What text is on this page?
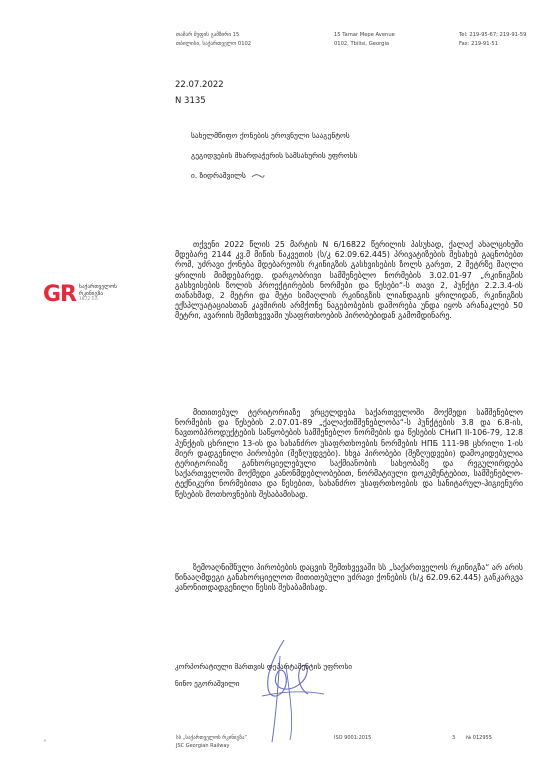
თამარ მეფის გამზირი 15
თბილისი, საქართველო 0102
15 Tamar Mepe Avenue
0102, Tbilisi, Georgia
Tel: 219-95-67; 219-91-59
Fax: 219-91-51
22.07.2022
N 3135
სახელმწიფო ქონების ეროვნული სააგენტოს
გეგიდვების მხარდაჭერის სამსახურის უფროსს
ი. ზიდრაშვილს
GR საქართველოს
რკინიგზა
1872 წ.ბ.
თქვენი 2022 წლის 25 მარტის N 6/16822 წერილის პასუხად, ქალაქ ახალციხეში მდებარე 2144 კვ.მ მიწის ნაკვეთის (ს/კ 62.09.62.445) პრივატიზების შესახებ გაცნობებთ რომ, უძრავი ქონება მდებარეობს რკინიგზის გასხვისების ზოლს გარეთ, 2 მეტრზე მაღლი ყრილის მიმდებარედ. დარგობრივი სამშენებლო ნორმების 3.02.01-97 „რკინიგზის გასხვისების ზოლის პროექტირების ნორმები და წესები“-ს თავი 2, პუნქტი 2.2.3.4-ის თანახმად, 2 მეტრი და მეტი სიმაღლის რკინიგზის ლიანდაგის ყრილიდან, რკინიგზის ექსპლუატაციასთან კავშირის არმქონე ნაგებობების დაშორება უნდა იყოს არანაკლებ 50 მეტრი, ავარიის შემთხვევაში უსაფრთხოების პირობებიდან გამომდინარე.
მითითებულ ტერიტორიაზე ვრცელდება საქართველოში მოქმედი სამშენებლო ნორმების და წესების 2.07.01-89 „ქალაქთმშენებლობა“-ს პუნქტების 3.8 და 6.8-ის, ნავთობპროდუქტების საწყობების სამშენებლო ნორმების და წესების СНиП II-106-79, 12.8 პუნქტის ცხრილი 13-ის და სახანძრო უსაფრთხოების ნორმების НПБ 111-98 ცხრილი 1-ის მიერ დადგენილი პირობები (შეზღუდვები). სხვა პირობები (შეზღუდვები) დამოკიდებულია ტერიტორიაზე განხორციელებული საქმიანობის სახეობაზე და რეგულირდება საქართველოში მოქმედი კანონმდებლობებით, ნორმატიული დოკუმენტებით, სამშენებლო-ტექნიკური ნორმებითა და წესებით, სახანძრო უსაფრთხოების და სანიტარულ-ჰიგიენური წესების მოთხოვნების შესაბამისად.
ზემოაღნიშნული პირობების დაცვის შემთხვევაში სს „საქართველოს რკინიგზა“ არ არის წინააღმდეგი განახორციელოთ მითითებული უძრავი ქონების (ს/კ 62.09.62.445) განკარგვა კანონითდადგენილი წესის შესაბამისად.
კორპორატიული მართვის დეპარტამენტის უფროსი
ნინო ეგორაშვილი
ᵞ
სს „საქართველოს რკინიგზა“
JSC Georgian Railway
ISO 9001:2015	3 № 012955
